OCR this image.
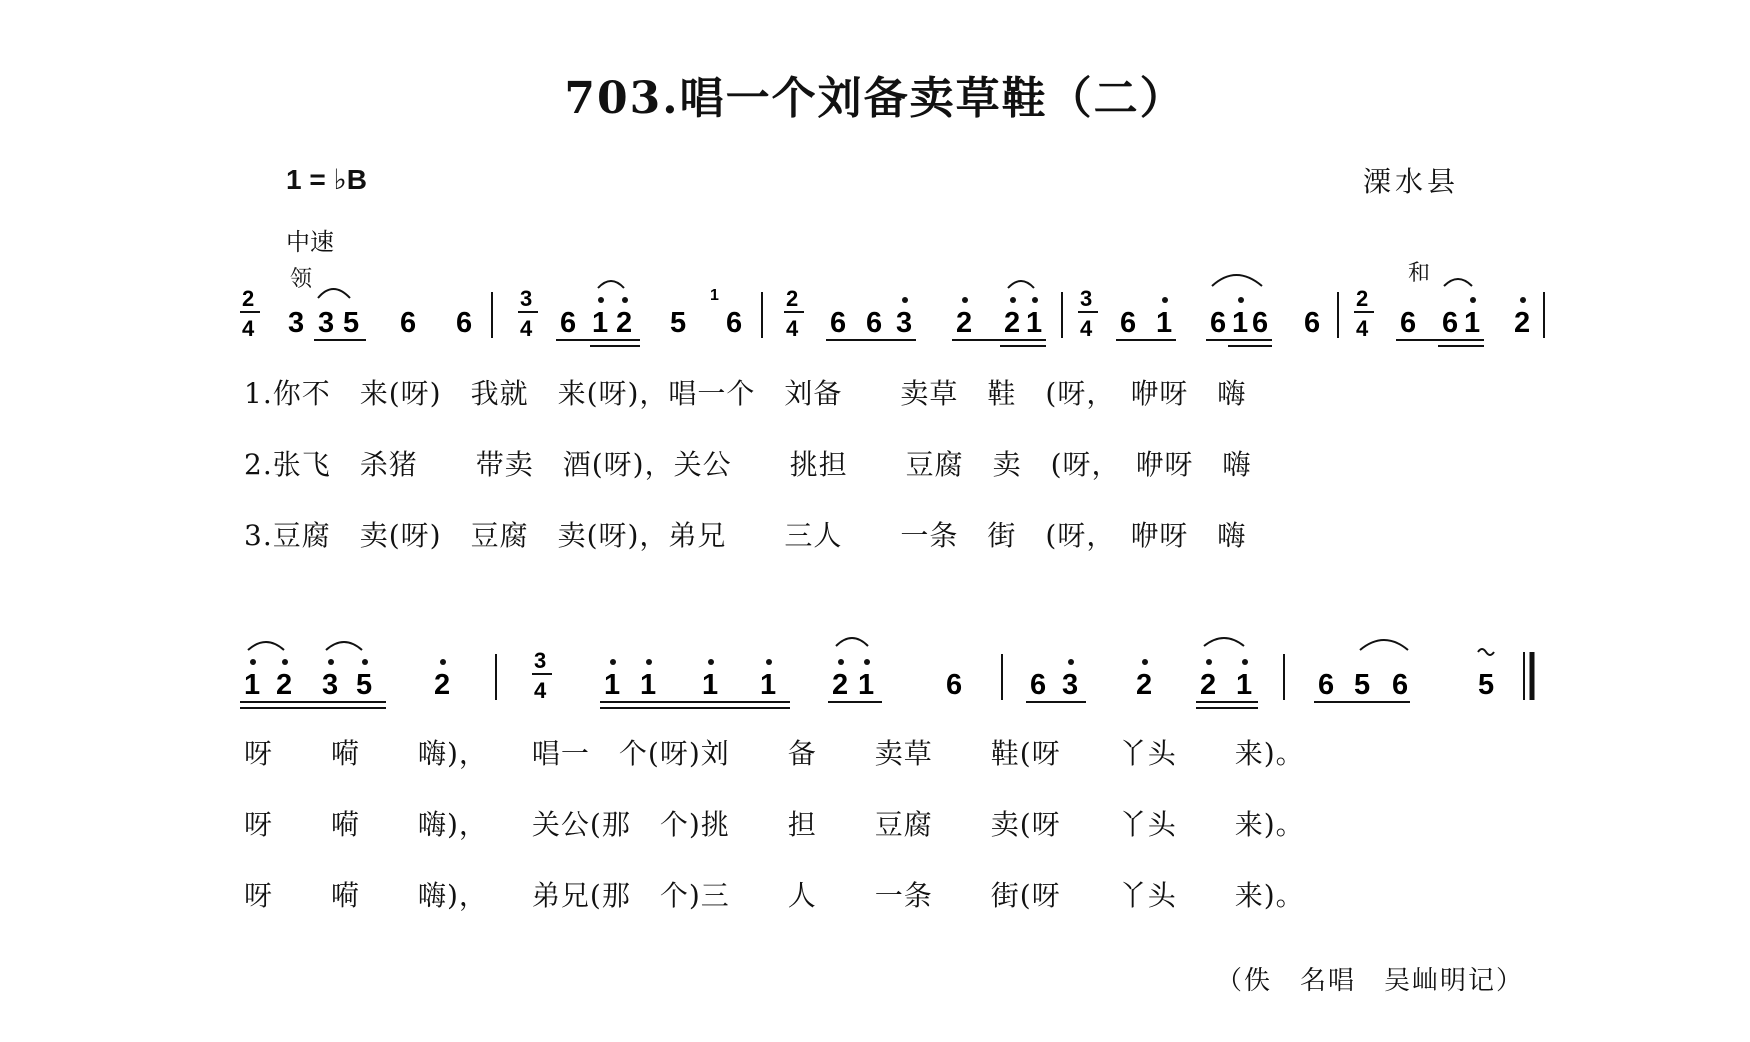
703.唱一个刘备卖草鞋（二）
1 = ♭B	溧水县
中速
领	和
2
4 3 3 5 6 6
3
4 6 1 2 5
1
6
2
4 6 6 3 2 2 1
3
4 6 1 6 1 6 6
2
4 6 6 1 2
1 2 3 5 2
3
4 1 1 1 1 2 1 6 6 3 2 2 1 6 5 6 5
1.你不　来(呀)　我就　来(呀)，唱一个　刘备　　卖草　鞋　(呀，　咿呀　嗨
2.张飞　杀猪　　带卖　酒(呀)，关公　　挑担　　豆腐　卖　(呀，　咿呀　嗨
3.豆腐　卖(呀)　豆腐　卖(呀)，弟兄　　三人　　一条　街　(呀，　咿呀　嗨
呀　　嗬　　嗨)，　　唱一　个(呀)刘　　备　　卖草　　鞋(呀　　丫头　　来)。
呀　　嗬　　嗨)，　　关公(那　个)挑　　担　　豆腐　　卖(呀　　丫头　　来)。
呀　　嗬　　嗨)，　　弟兄(那　个)三　　人　　一条　　街(呀　　丫头　　来)。
（佚　名唱　吴屾明记）
